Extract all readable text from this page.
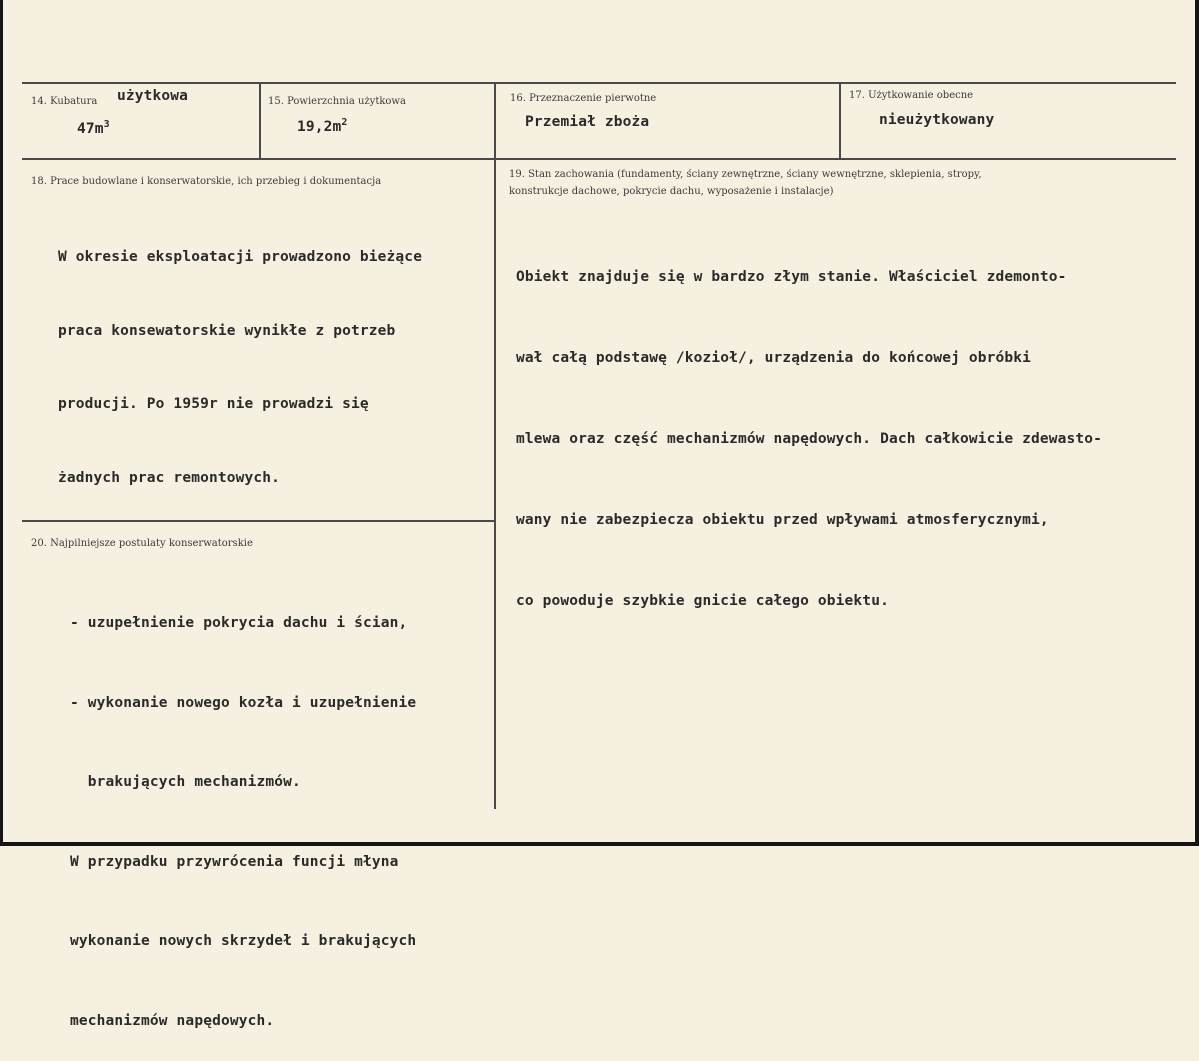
14. Kubatura użytkowa
$47m^3$
15. Powierzchnia użytkowa
$19,2m^2$
16. Przeznaczenie pierwotne
Przemiał zboża
17. Użytkowanie obecne
nieużytkowany
18. Prace budowlane i konserwatorskie, ich przebieg i dokumentacja

W okresie eksploatacji prowadzono bieżące

praca konsewatorskie wynikłe z potrzeb

producji. Po 1959r nie prowadzi się

żadnych prac remontowych.

19. Stan zachowania (fundamenty, ściany zewnętrzne, ściany wewnętrzne, sklepienia, stropy,
konstrukcje dachowe, pokrycie dachu, wyposażenie i instalacje)

Obiekt znajduje się w bardzo złym stanie. Właściciel zdemonto-

wał całą podstawę /kozioł/, urządzenia do końcowej obróbki

mlewa oraz część mechanizmów napędowych. Dach całkowicie zdewasto-

wany nie zabezpiecza obiektu przed wpływami atmosferycznymi,

co powoduje szybkie gnicie całego obiektu.

20. Najpilniejsze postulaty konserwatorskie

- uzupełnienie pokrycia dachu i ścian,

- wykonanie nowego kozła i uzupełnienie

brakujących mechanizmów.

W przypadku przywrócenia funcji młyna

wykonanie nowych skrzydeł i brakujących

mechanizmów napędowych.
